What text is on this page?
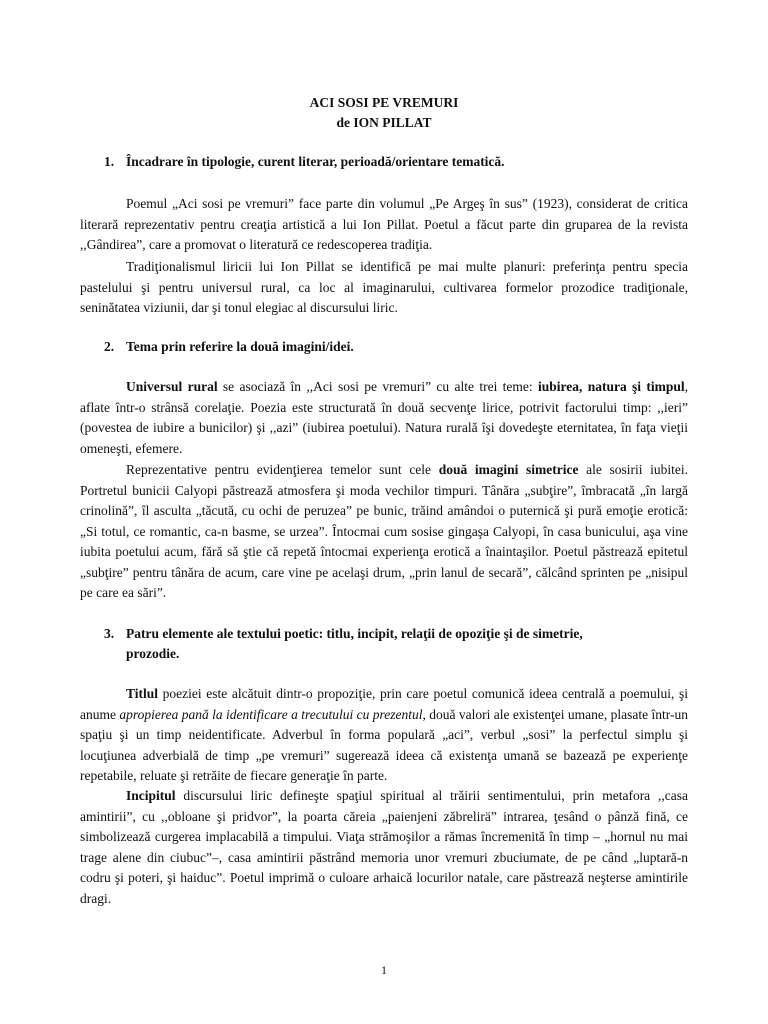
ACI SOSI PE VREMURI
de ION PILLAT
1. Încadrare în tipologie, curent literar, perioadă/orientare tematică.

Poemul „Aci sosi pe vremuri” face parte din volumul „Pe Argeş în sus” (1923), considerat de critica literară reprezentativ pentru creaţia artistică a lui Ion Pillat. Poetul a făcut parte din gruparea de la revista ,,Gândirea”, care a promovat o literatură ce redescoperea tradiţia.

Tradiţionalismul liricii lui Ion Pillat se identifică pe mai multe planuri: preferinţa pentru specia pastelului şi pentru universul rural, ca loc al imaginarului, cultivarea formelor prozodice tradiţionale, seninătatea viziunii, dar şi tonul elegiac al discursului liric.

2. Tema prin referire la două imagini/idei.

Universul rural se asociază în ,,Aci sosi pe vremuri” cu alte trei teme: iubirea, natura şi timpul, aflate într-o strânsă corelaţie. Poezia este structurată în două secvenţe lirice, potrivit factorului timp: ,,ieri” (povestea de iubire a bunicilor) şi ,,azi” (iubirea poetului). Natura rurală îşi dovedeşte eternitatea, în faţa vieţii omeneşti, efemere.

Reprezentative pentru evidenţierea temelor sunt cele două imagini simetrice ale sosirii iubitei. Portretul bunicii Calyopi păstrează atmosfera şi moda vechilor timpuri. Tânăra „subţire”, îmbracată „în largă crinolină”, îl asculta „tăcută, cu ochi de peruzea” pe bunic, trăind amândoi o puternică şi pură emoţie erotică: „Si totul, ce romantic, ca-n basme, se urzea”. Întocmai cum sosise gingaşa Calyopi, în casa bunicului, aşa vine iubita poetului acum, fără să ştie că repetă întocmai experienţa erotică a înaintaşilor. Poetul păstrează epitetul „subţire” pentru tânăra de acum, care vine pe acelaşi drum, „prin lanul de secară”, călcând sprinten pe „nisipul pe care ea sări”.

3. Patru elemente ale textului poetic: titlu, incipit, relaţii de opoziţie şi de simetrie,
prozodie.

Titlul poeziei este alcătuit dintr-o propoziţie, prin care poetul comunică ideea centrală a poemului, şi anume apropierea pană la identificare a trecutului cu prezentul, două valori ale existenţei umane, plasate într-un spaţiu şi un timp neidentificate. Adverbul în forma populară „aci”, verbul „sosi” la perfectul simplu şi locuţiunea adverbială de timp „pe vremuri” sugerează ideea că existenţa umană se bazează pe experienţe repetabile, reluate şi retrăite de fiecare generaţie în parte.

Incipitul discursului liric defineşte spaţiul spiritual al trăirii sentimentului, prin metafora ,,casa amintirii”, cu ,,obloane şi pridvor”, la poarta căreia „paienjeni zăbrelirä” intrarea, ţesând o pânză fină, ce simbolizează curgerea implacabilă a timpului. Viaţa strămoşilor a rămas încremenită în timp – „hornul nu mai trage alene din ciubuc”–, casa amintirii păstrând memoria unor vremuri zbuciumate, de pe când „luptară-n codru şi poteri, şi haiduc”. Poetul imprimă o culoare arhaică locurilor natale, care păstrează neşterse amintirile dragi.

1
